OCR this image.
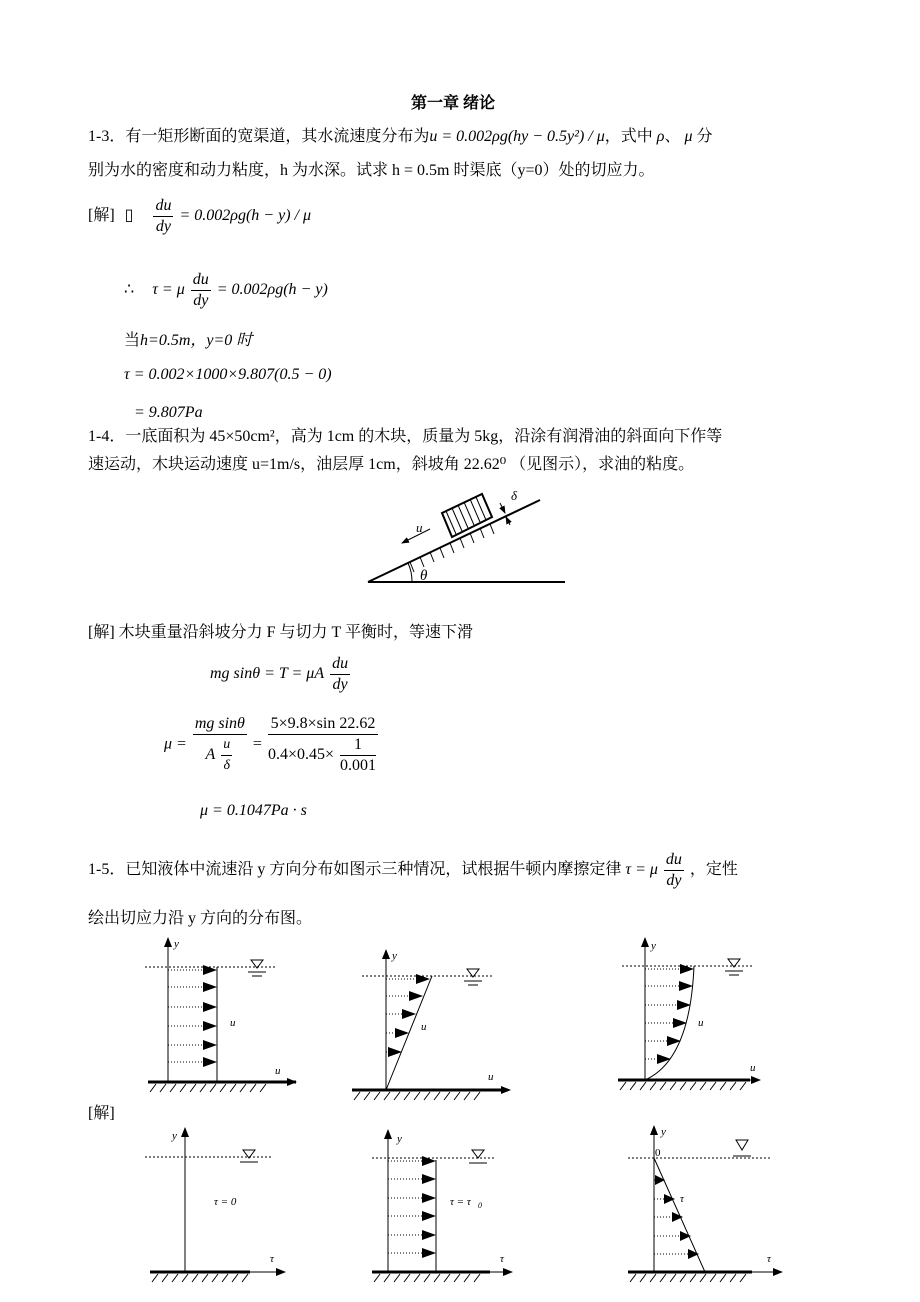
第一章 绪论
1-3．有一矩形断面的宽渠道，其水流速度分布为u = 0.002ρg(hy − 0.5y²) / μ，式中 ρ、 μ 分
别为水的密度和动力粘度，h 为水深。试求 h = 0.5m 时渠底（y=0）处的切应力。
[解] ▯ $\frac{du}{dy} = 0.002\rho g(h - y) / \mu$
∴ τ = μ $\frac{du}{dy} = 0.002\rho g(h - y)$
当h=0.5m，y=0 时
τ = 0.002×1000×9.807(0.5 − 0)
= 9.807Pa
1-4．一底面积为 45×50cm²，高为 1cm 的木块，质量为 5kg，沿涂有润滑油的斜面向下作等
速运动，木块运动速度 u=1m/s，油层厚 1cm，斜坡角 22.62⁰ （见图示），求油的粘度。
θ
u
δ
y
u
u
y
u
u
y
u
u
y
τ = 0
τ
y
τ = τ 0
τ
y
0
τ
τ
[解] 木块重量沿斜坡分力 F 与切力 T 平衡时，等速下滑
mg sinθ = T = μA $\frac{du}{dy}$
$\mu = \frac{\text{mg sinθ}}{A \frac{u}{\delta}} = \frac{5\times 9.8\times\sin 22.62}{0.4\times 0.45\times \frac{1}{0.001}}$
μ = 0.1047Pa · s
1-5．已知液体中流速沿 y 方向分布如图示三种情况，试根据牛顿内摩擦定律 τ = μ $\frac{du}{dy}$ ，定性
绘出切应力沿 y 方向的分布图。
[解]
